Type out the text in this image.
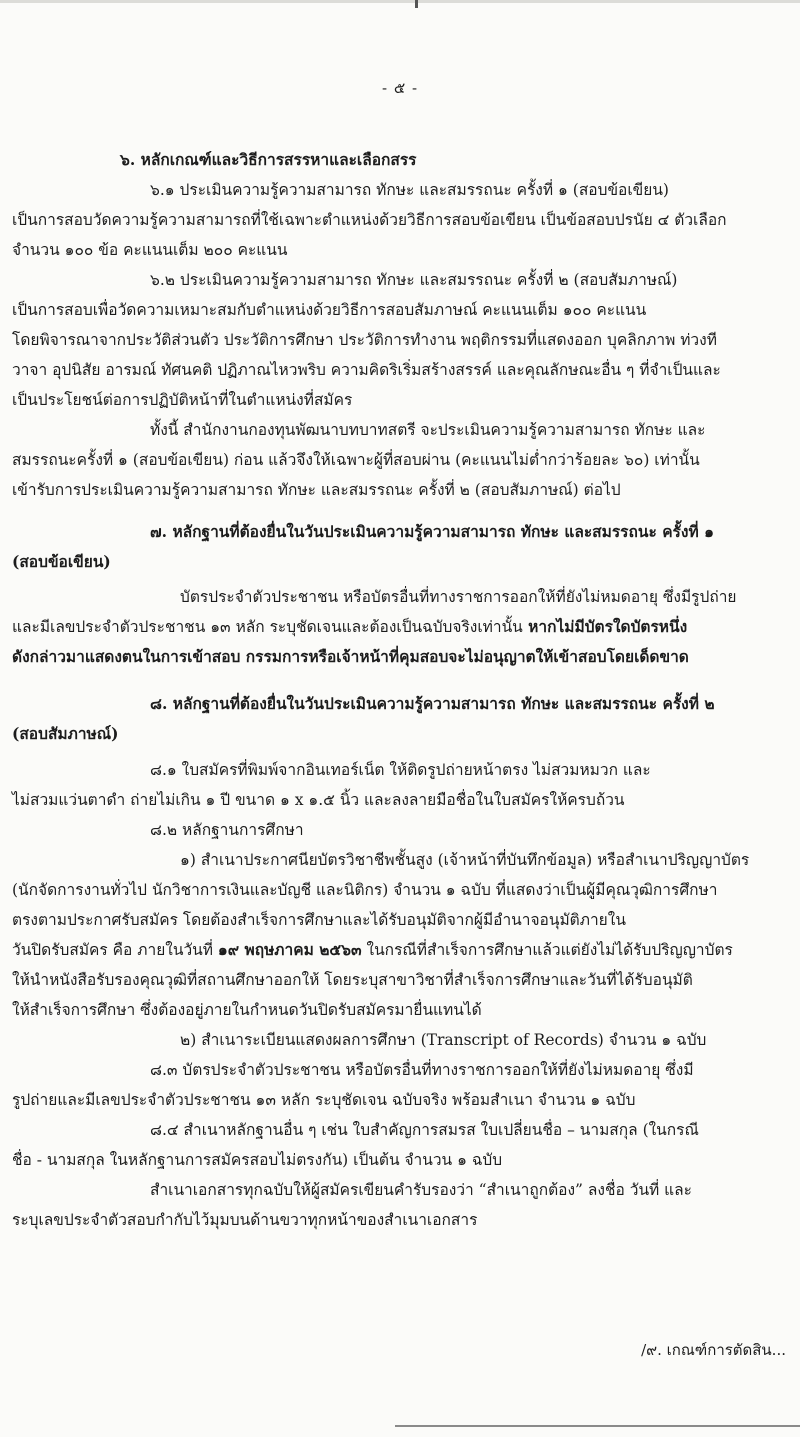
- ๕ -
๖. หลักเกณฑ์และวิธีการสรรหาและเลือกสรร
๖.๑ ประเมินความรู้ความสามารถ ทักษะ และสมรรถนะ ครั้งที่ ๑ (สอบข้อเขียน)
เป็นการสอบวัดความรู้ความสามารถที่ใช้เฉพาะตำแหน่งด้วยวิธีการสอบข้อเขียน เป็นข้อสอบปรนัย ๔ ตัวเลือก
จำนวน ๑๐๐ ข้อ คะแนนเต็ม ๒๐๐ คะแนน
๖.๒ ประเมินความรู้ความสามารถ ทักษะ และสมรรถนะ ครั้งที่ ๒ (สอบสัมภาษณ์)
เป็นการสอบเพื่อวัดความเหมาะสมกับตำแหน่งด้วยวิธีการสอบสัมภาษณ์ คะแนนเต็ม ๑๐๐ คะแนน
โดยพิจารณาจากประวัติส่วนตัว ประวัติการศึกษา ประวัติการทำงาน พฤติกรรมที่แสดงออก บุคลิกภาพ ท่วงที
วาจา อุปนิสัย อารมณ์ ทัศนคติ ปฏิภาณไหวพริบ ความคิดริเริ่มสร้างสรรค์ และคุณลักษณะอื่น ๆ ที่จำเป็นและ
เป็นประโยชน์ต่อการปฏิบัติหน้าที่ในตำแหน่งที่สมัคร
ทั้งนี้ สำนักงานกองทุนพัฒนาบทบาทสตรี จะประเมินความรู้ความสามารถ ทักษะ และ
สมรรถนะครั้งที่ ๑ (สอบข้อเขียน) ก่อน แล้วจึงให้เฉพาะผู้ที่สอบผ่าน (คะแนนไม่ต่ำกว่าร้อยละ ๖๐) เท่านั้น
เข้ารับการประเมินความรู้ความสามารถ ทักษะ และสมรรถนะ ครั้งที่ ๒ (สอบสัมภาษณ์) ต่อไป
๗. หลักฐานที่ต้องยื่นในวันประเมินความรู้ความสามารถ ทักษะ และสมรรถนะ ครั้งที่ ๑
(สอบข้อเขียน)
บัตรประจำตัวประชาชน หรือบัตรอื่นที่ทางราชการออกให้ที่ยังไม่หมดอายุ ซึ่งมีรูปถ่าย
และมีเลขประจำตัวประชาชน ๑๓ หลัก ระบุชัดเจนและต้องเป็นฉบับจริงเท่านั้น หากไม่มีบัตรใดบัตรหนึ่ง
ดังกล่าวมาแสดงตนในการเข้าสอบ กรรมการหรือเจ้าหน้าที่คุมสอบจะไม่อนุญาตให้เข้าสอบโดยเด็ดขาด
๘. หลักฐานที่ต้องยื่นในวันประเมินความรู้ความสามารถ ทักษะ และสมรรถนะ ครั้งที่ ๒
(สอบสัมภาษณ์)
๘.๑ ใบสมัครที่พิมพ์จากอินเทอร์เน็ต ให้ติดรูปถ่ายหน้าตรง ไม่สวมหมวก และ
ไม่สวมแว่นตาดำ ถ่ายไม่เกิน ๑ ปี ขนาด ๑ x ๑.๕ นิ้ว และลงลายมือชื่อในใบสมัครให้ครบถ้วน
๘.๒ หลักฐานการศึกษา
๑) สำเนาประกาศนียบัตรวิชาชีพชั้นสูง (เจ้าหน้าที่บันทึกข้อมูล) หรือสำเนาปริญญาบัตร
(นักจัดการงานทั่วไป นักวิชาการเงินและบัญชี และนิติกร) จำนวน ๑ ฉบับ ที่แสดงว่าเป็นผู้มีคุณวุฒิการศึกษา
ตรงตามประกาศรับสมัคร โดยต้องสำเร็จการศึกษาและได้รับอนุมัติจากผู้มีอำนาจอนุมัติภายใน
วันปิดรับสมัคร คือ ภายในวันที่ ๑๙ พฤษภาคม ๒๕๖๓ ในกรณีที่สำเร็จการศึกษาแล้วแต่ยังไม่ได้รับปริญญาบัตร
ให้นำหนังสือรับรองคุณวุฒิที่สถานศึกษาออกให้ โดยระบุสาขาวิชาที่สำเร็จการศึกษาและวันที่ได้รับอนุมัติ
ให้สำเร็จการศึกษา ซึ่งต้องอยู่ภายในกำหนดวันปิดรับสมัครมายื่นแทนได้
๒) สำเนาระเบียนแสดงผลการศึกษา (Transcript of Records) จำนวน ๑ ฉบับ
๘.๓ บัตรประจำตัวประชาชน หรือบัตรอื่นที่ทางราชการออกให้ที่ยังไม่หมดอายุ ซึ่งมี
รูปถ่ายและมีเลขประจำตัวประชาชน ๑๓ หลัก ระบุชัดเจน ฉบับจริง พร้อมสำเนา จำนวน ๑ ฉบับ
๘.๔ สำเนาหลักฐานอื่น ๆ เช่น ใบสำคัญการสมรส ใบเปลี่ยนชื่อ – นามสกุล (ในกรณี
ชื่อ - นามสกุล ในหลักฐานการสมัครสอบไม่ตรงกัน) เป็นต้น จำนวน ๑ ฉบับ
สำเนาเอกสารทุกฉบับให้ผู้สมัครเขียนคำรับรองว่า “สำเนาถูกต้อง” ลงชื่อ วันที่ และ
ระบุเลขประจำตัวสอบกำกับไว้มุมบนด้านขวาทุกหน้าของสำเนาเอกสาร
/๙. เกณฑ์การตัดสิน...
